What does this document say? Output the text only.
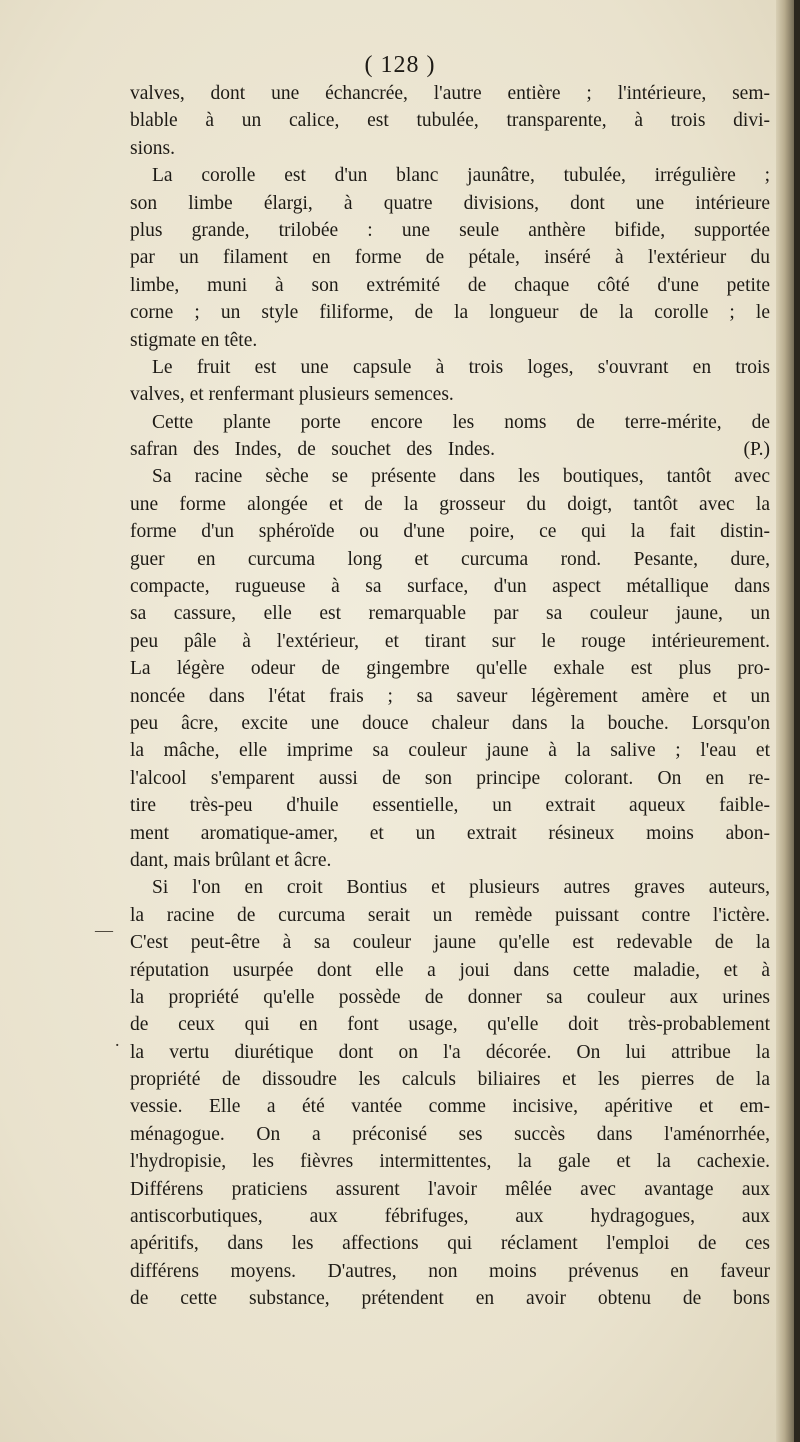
( 128 )
valves, dont une échancrée, l'autre entière ; l'intérieure, sem-
blable à un calice, est tubulée, transparente, à trois divi-
sions.
La corolle est d'un blanc jaunâtre, tubulée, irrégulière ;
son limbe élargi, à quatre divisions, dont une intérieure
plus grande, trilobée : une seule anthère bifide, supportée
par un filament en forme de pétale, inséré à l'extérieur du
limbe, muni à son extrémité de chaque côté d'une petite
corne ; un style filiforme, de la longueur de la corolle ; le
stigmate en tête.
Le fruit est une capsule à trois loges, s'ouvrant en trois
valves, et renfermant plusieurs semences.
Cette plante porte encore les noms de terre-mérite, de
safran des Indes, de souchet des Indes.                (P.)
Sa racine sèche se présente dans les boutiques, tantôt avec
une forme alongée et de la grosseur du doigt, tantôt avec la
forme d'un sphéroïde ou d'une poire, ce qui la fait distin-
guer en curcuma long et curcuma rond. Pesante, dure,
compacte, rugueuse à sa surface, d'un aspect métallique dans
sa cassure, elle est remarquable par sa couleur jaune, un
peu pâle à l'extérieur, et tirant sur le rouge intérieurement.
La légère odeur de gingembre qu'elle exhale est plus pro-
noncée dans l'état frais ; sa saveur légèrement amère et un
peu âcre, excite une douce chaleur dans la bouche. Lorsqu'on
la mâche, elle imprime sa couleur jaune à la salive ; l'eau et
l'alcool s'emparent aussi de son principe colorant. On en re-
tire très-peu d'huile essentielle, un extrait aqueux faible-
ment aromatique-amer, et un extrait résineux moins abon-
dant, mais brûlant et âcre.
Si l'on en croit Bontius et plusieurs autres graves auteurs,
la racine de curcuma serait un remède puissant contre l'ictère.
C'est peut-être à sa couleur jaune qu'elle est redevable de la
réputation usurpée dont elle a joui dans cette maladie, et à
la propriété qu'elle possède de donner sa couleur aux urines
de ceux qui en font usage, qu'elle doit très-probablement
la vertu diurétique dont on l'a décorée. On lui attribue la
propriété de dissoudre les calculs biliaires et les pierres de la
vessie. Elle a été vantée comme incisive, apéritive et em-
ménagogue. On a préconisé ses succès dans l'aménorrhée,
l'hydropisie, les fièvres intermittentes, la gale et la cachexie.
Différens praticiens assurent l'avoir mêlée avec avantage aux
antiscorbutiques, aux fébrifuges, aux hydragogues, aux
apéritifs, dans les affections qui réclament l'emploi de ces
différens moyens. D'autres, non moins prévenus en faveur
de cette substance, prétendent en avoir obtenu de bons
—
.
